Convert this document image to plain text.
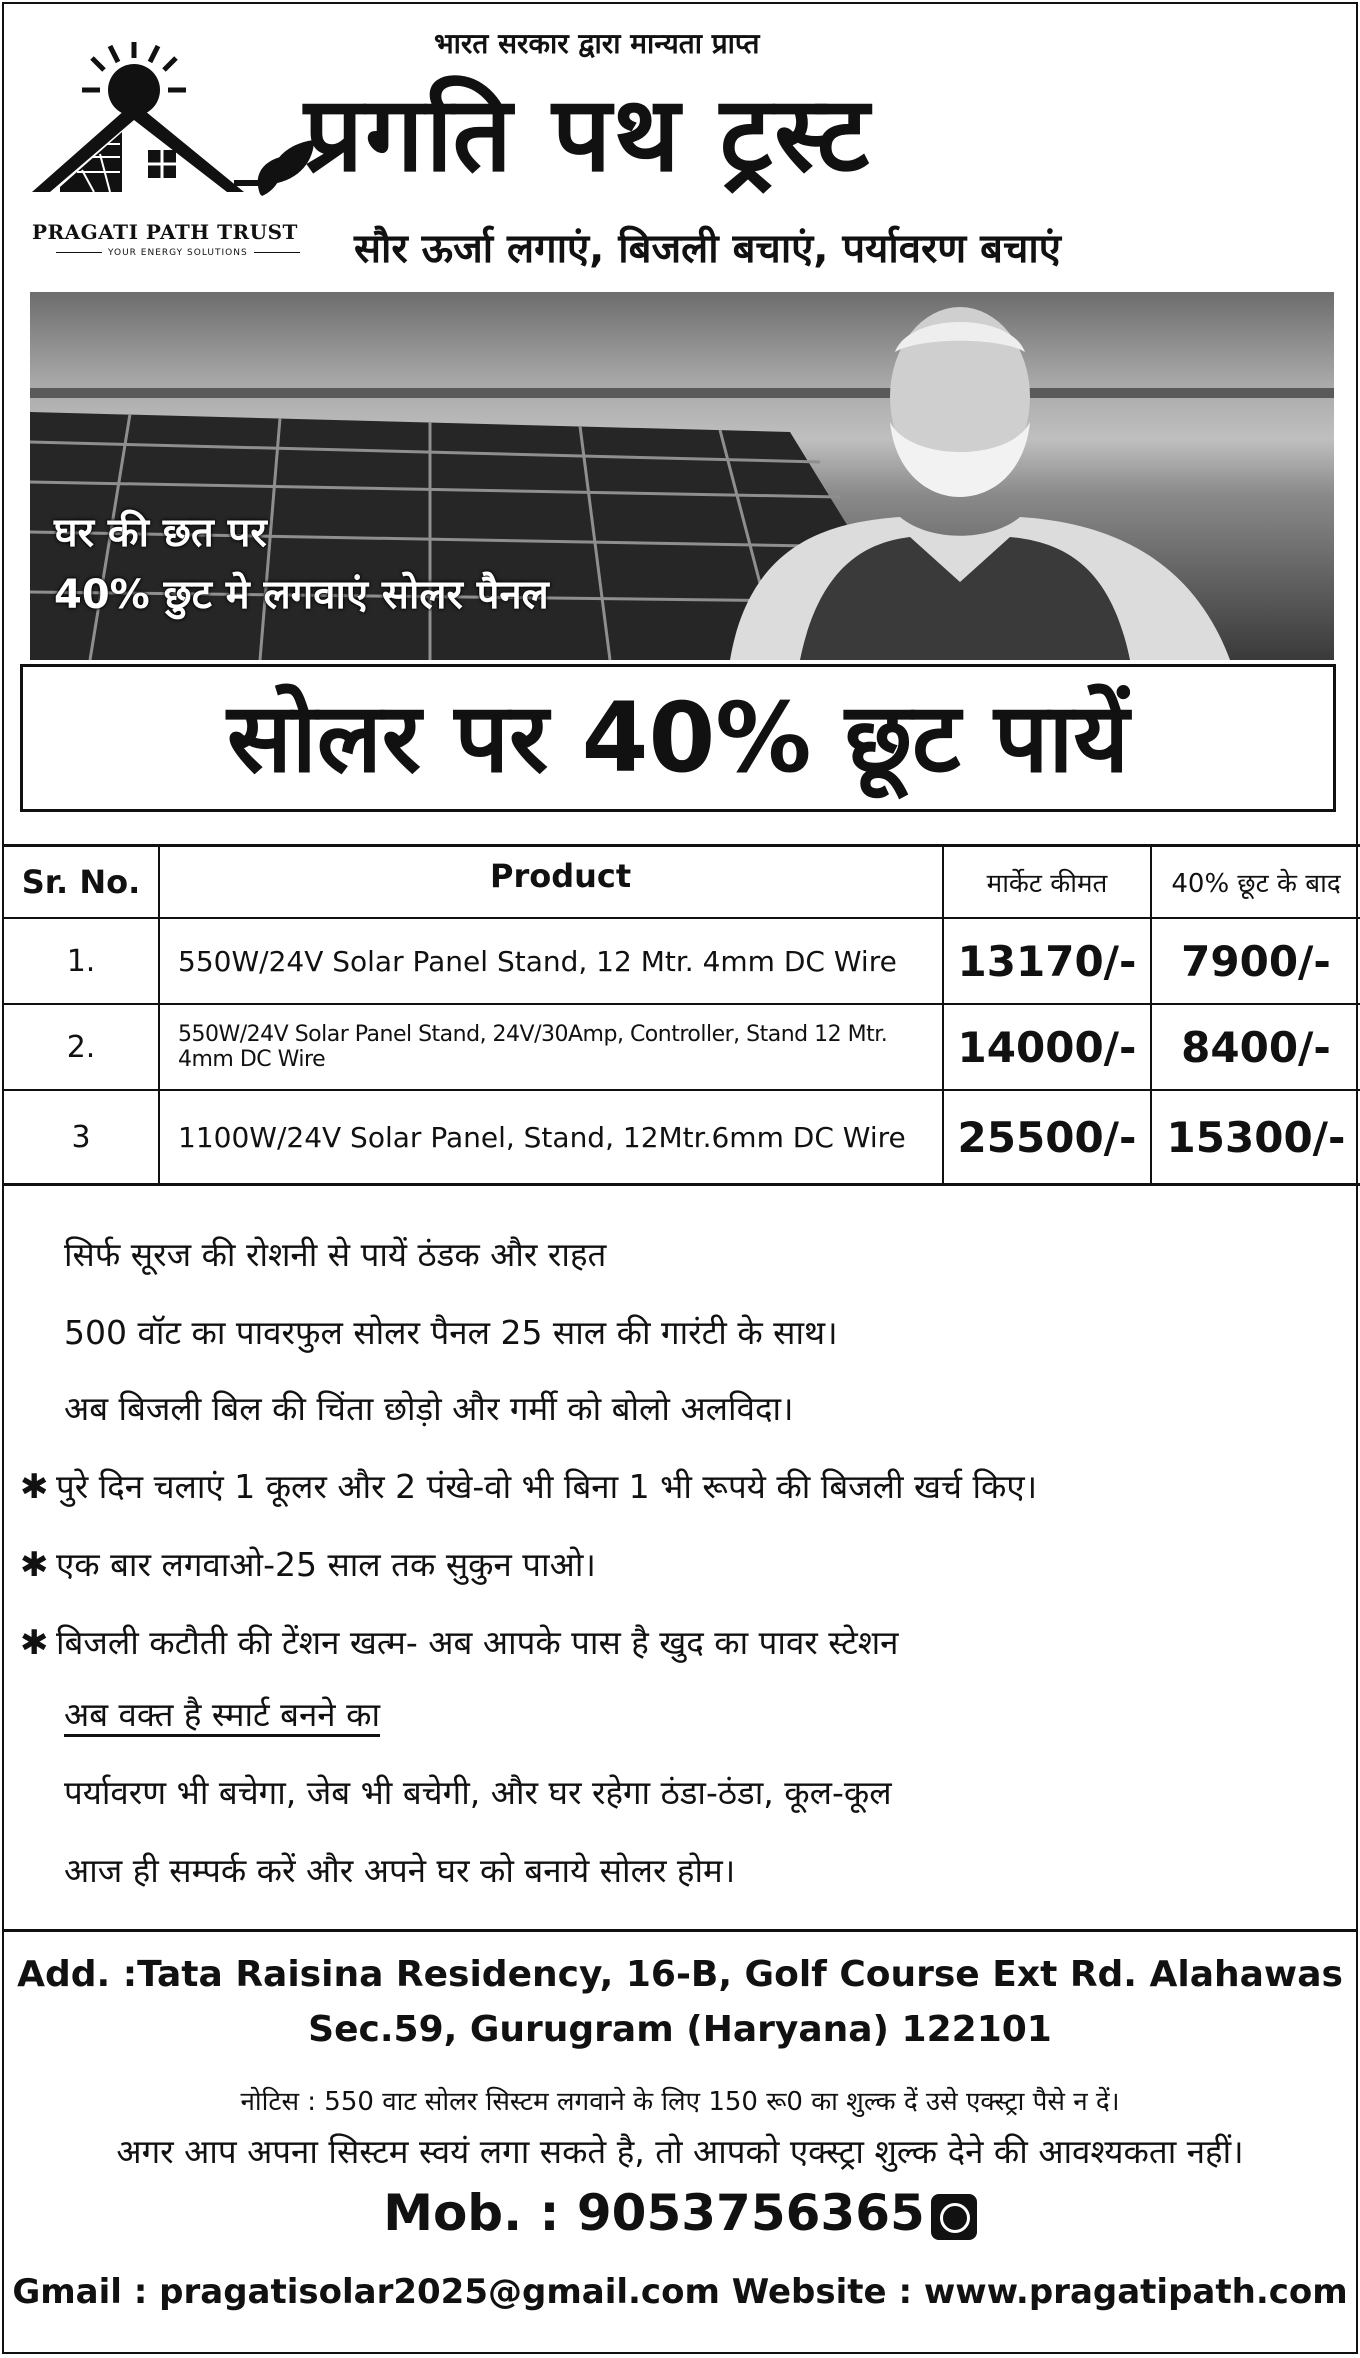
PRAGATI PATH TRUST
YOUR ENERGY SOLUTIONS
भारत सरकार द्वारा मान्यता प्राप्त
प्रगति पथ ट्रस्ट
सौर ऊर्जा लगाएं, बिजली बचाएं, पर्यावरण बचाएं
घर की छत पर
40% छुट मे लगवाएं सोलर पैनल
सोलर पर 40% छूट पायें
Sr. No.	Product	मार्केट कीमत	40% छूट के बाद
1.	550W/24V Solar Panel Stand, 12 Mtr. 4mm DC Wire	13170/-	7900/-
2.	550W/24V Solar Panel Stand, 24V/30Amp, Controller, Stand 12 Mtr. 4mm DC Wire	14000/-	8400/-
3	1100W/24V Solar Panel, Stand, 12Mtr.6mm DC Wire	25500/- 15300/-
सिर्फ सूरज की रोशनी से पायें ठंडक और राहत
500 वॉट का पावरफुल सोलर पैनल 25 साल की गारंटी के साथ।
अब बिजली बिल की चिंता छोड़ो और गर्मी को बोलो अलविदा।
✱ पुरे दिन चलाएं 1 कूलर और 2 पंखे-वो भी बिना 1 भी रूपये की बिजली खर्च किए।
✱ एक बार लगवाओ-25 साल तक सुकुन पाओ।
✱ बिजली कटौती की टेंशन खत्म- अब आपके पास है खुद का पावर स्टेशन
अब वक्त है स्मार्ट बनने का
पर्यावरण भी बचेगा, जेब भी बचेगी, और घर रहेगा ठंडा-ठंडा, कूल-कूल
आज ही सम्पर्क करें और अपने घर को बनाये सोलर होम।
Add. :Tata Raisina Residency, 16-B, Golf Course Ext Rd. Alahawas
Sec.59, Gurugram (Haryana) 122101
नोटिस : 550 वाट सोलर सिस्टम लगवाने के लिए 150 रू0 का शुल्क दें उसे एक्स्ट्रा पैसे न दें।
अगर आप अपना सिस्टम स्वयं लगा सकते है, तो आपको एक्स्ट्रा शुल्क देने की आवश्यकता नहीं।
Mob. : 9053756365
Gmail : pragatisolar2025@gmail.com Website : www.pragatipath.com
